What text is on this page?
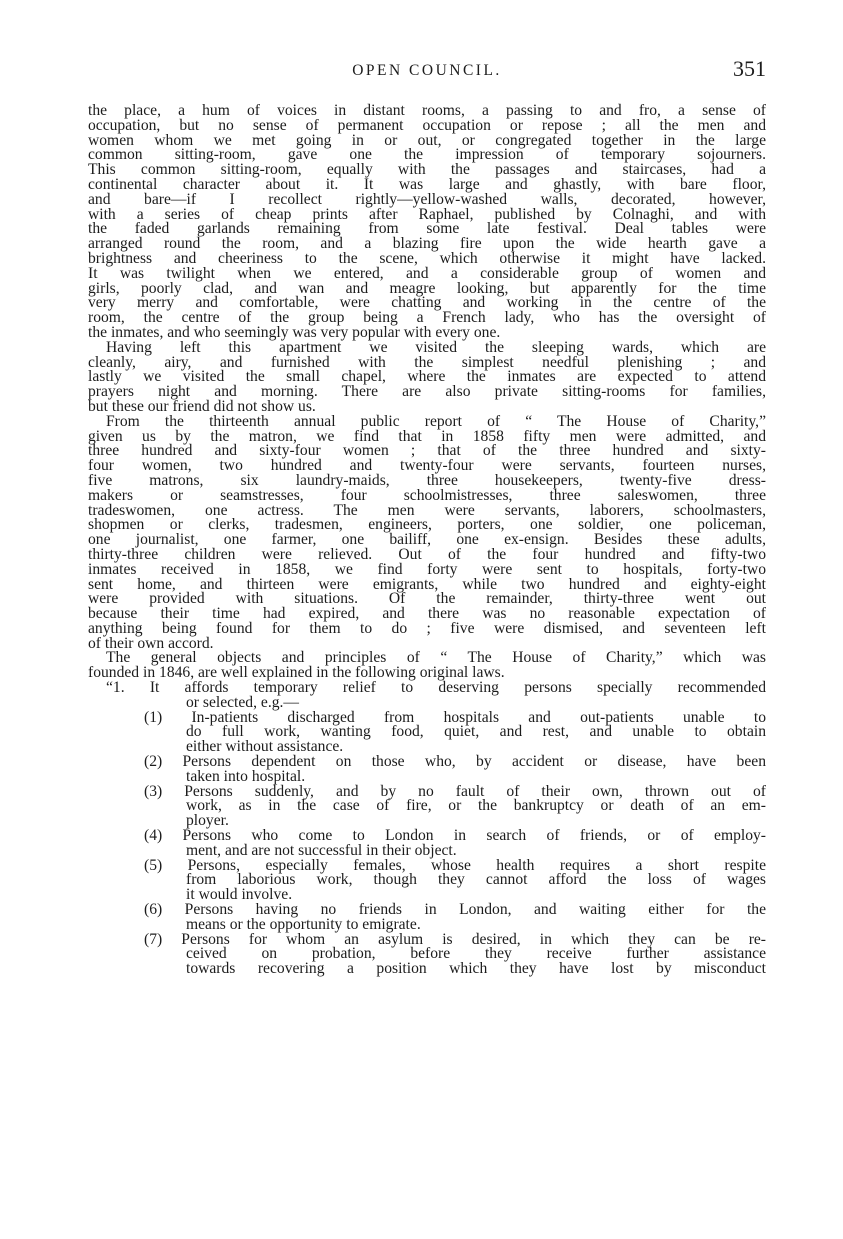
OPEN COUNCIL.	351
the place, a hum of voices in distant rooms, a passing to and fro, a sense of
occupation, but no sense of permanent occupation or repose ; all the men and
women whom we met going in or out, or congregated together in the large
common sitting-room, gave one the impression of temporary sojourners.
This common sitting-room, equally with the passages and staircases, had a
continental character about it. It was large and ghastly, with bare floor,
and bare—if I recollect rightly—yellow-washed walls, decorated, however,
with a series of cheap prints after Raphael, published by Colnaghi, and with
the faded garlands remaining from some late festival. Deal tables were
arranged round the room, and a blazing fire upon the wide hearth gave a
brightness and cheeriness to the scene, which otherwise it might have lacked.
It was twilight when we entered, and a considerable group of women and
girls, poorly clad, and wan and meagre looking, but apparently for the time
very merry and comfortable, were chatting and working in the centre of the
room, the centre of the group being a French lady, who has the oversight of
the inmates, and who seemingly was very popular with every one.
Having left this apartment we visited the sleeping wards, which are
cleanly, airy, and furnished with the simplest needful plenishing ; and
lastly we visited the small chapel, where the inmates are expected to attend
prayers night and morning. There are also private sitting-rooms for families,
but these our friend did not show us.
From the thirteenth annual public report of “ The House of Charity,”
given us by the matron, we find that in 1858 fifty men were admitted, and
three hundred and sixty-four women ; that of the three hundred and sixty-
four women, two hundred and twenty-four were servants, fourteen nurses,
five matrons, six laundry-maids, three housekeepers, twenty-five dress-
makers or seamstresses, four schoolmistresses, three saleswomen, three
tradeswomen, one actress. The men were servants, laborers, schoolmasters,
shopmen or clerks, tradesmen, engineers, porters, one soldier, one policeman,
one journalist, one farmer, one bailiff, one ex-ensign. Besides these adults,
thirty-three children were relieved. Out of the four hundred and fifty-two
inmates received in 1858, we find forty were sent to hospitals, forty-two
sent home, and thirteen were emigrants, while two hundred and eighty-eight
were provided with situations. Of the remainder, thirty-three went out
because their time had expired, and there was no reasonable expectation of
anything being found for them to do ; five were dismised, and seventeen left
of their own accord.
The general objects and principles of “ The House of Charity,” which was
founded in 1846, are well explained in the following original laws.
“1. It affords temporary relief to deserving persons specially recommended
or selected, e.g.—
(1) In-patients discharged from hospitals and out-patients unable to
do full work, wanting food, quiet, and rest, and unable to obtain
either without assistance.
(2) Persons dependent on those who, by accident or disease, have been
taken into hospital.
(3) Persons suddenly, and by no fault of their own, thrown out of
work, as in the case of fire, or the bankruptcy or death of an em-
ployer.
(4) Persons who come to London in search of friends, or of employ-
ment, and are not successful in their object.
(5) Persons, especially females, whose health requires a short respite
from laborious work, though they cannot afford the loss of wages
it would involve.
(6) Persons having no friends in London, and waiting either for the
means or the opportunity to emigrate.
(7) Persons for whom an asylum is desired, in which they can be re-
ceived on probation, before they receive further assistance
towards recovering a position which they have lost by misconduct
